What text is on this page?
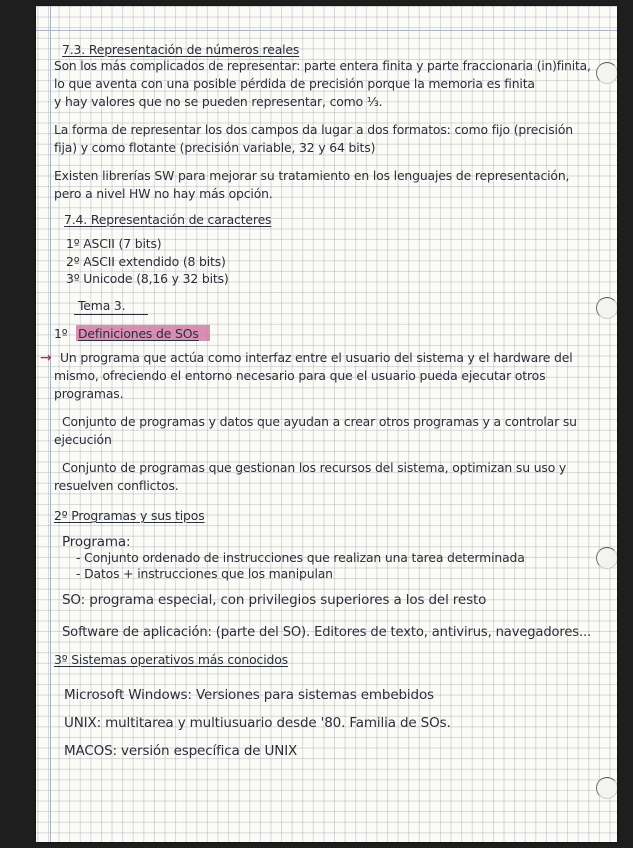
7.3. Representación de números reales
Son los más complicados de representar: parte entera finita y parte fraccionaria (in)finita,
lo que aventa con una posible pérdida de precisión porque la memoria es finita
y hay valores que no se pueden representar, como ⅓.
La forma de representar los dos campos da lugar a dos formatos: como fijo (precisión
fija) y como flotante (precisión variable, 32 y 64 bits)
Existen librerías SW para mejorar su tratamiento en los lenguajes de representación,
pero a nivel HW no hay más opción.
7.4. Representación de caracteres
1º ASCII (7 bits)
2º ASCII extendido (8 bits)
3º Unicode (8,16 y 32 bits)
Tema 3.
1º Definiciones de SOs
→ Un programa que actúa como interfaz entre el usuario del sistema y el hardware del
mismo, ofreciendo el entorno necesario para que el usuario pueda ejecutar otros
programas.
Conjunto de programas y datos que ayudan a crear otros programas y a controlar su
ejecución
Conjunto de programas que gestionan los recursos del sistema, optimizan su uso y
resuelven conflictos.
2º Programas y sus tipos
Programa:
- Conjunto ordenado de instrucciones que realizan una tarea determinada
- Datos + instrucciones que los manipulan
SO: programa especial, con privilegios superiores a los del resto
Software de aplicación: (parte del SO). Editores de texto, antivirus, navegadores...
3º Sistemas operativos más conocidos
Microsoft Windows: Versiones para sistemas embebidos
UNIX: multitarea y multiusuario desde '80. Familia de SOs.
MACOS: versión específica de UNIX
